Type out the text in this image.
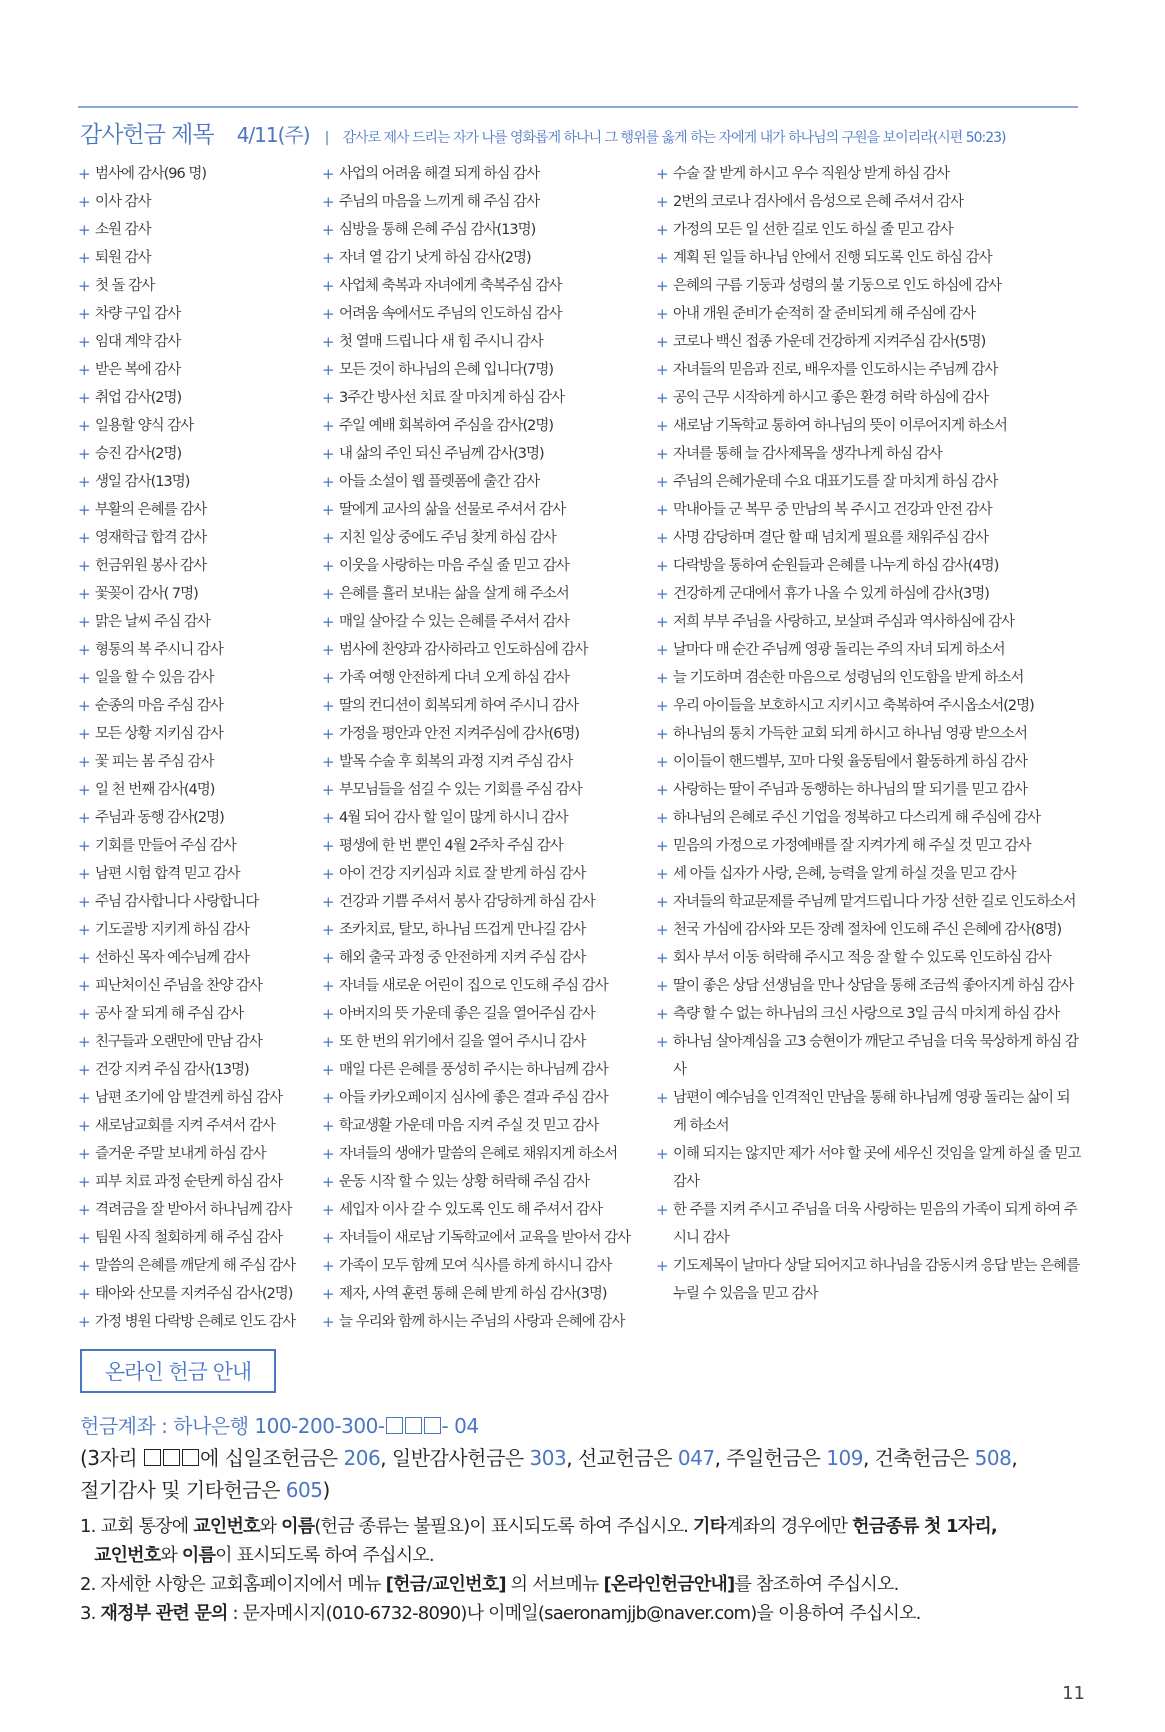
감사헌금 제목 4/11(주) | 감사로 제사 드리는 자가 나를 영화롭게 하나니 그 행위를 옳게 하는 자에게 내가 하나님의 구원을 보이리라(시편 50:23)
+ 범사에 감사(96 명)
+ 이사 감사
+ 소원 감사
+ 퇴원 감사
+ 첫 돌 감사
+ 차량 구입 감사
+ 임대 계약 감사
+ 받은 복에 감사
+ 취업 감사(2명)
+ 일용할 양식 감사
+ 승진 감사(2명)
+ 생일 감사(13명)
+ 부활의 은혜를 감사
+ 영재학급 합격 감사
+ 헌금위원 봉사 감사
+ 꽃꽂이 감사( 7명)
+ 맑은 날씨 주심 감사
+ 형통의 복 주시니 감사
+ 일을 할 수 있음 감사
+ 순종의 마음 주심 감사
+ 모든 상황 지키심 감사
+ 꽃 피는 봄 주심 감사
+ 일 천 번째 감사(4명)
+ 주님과 동행 감사(2명)
+ 기회를 만들어 주심 감사
+ 남편 시험 합격 믿고 감사
+ 주님 감사합니다 사랑합니다
+ 기도골방 지키게 하심 감사
+ 선하신 목자 예수님께 감사
+ 피난처이신 주님을 찬양 감사
+ 공사 잘 되게 해 주심 감사
+ 친구들과 오랜만에 만남 감사
+ 건강 지켜 주심 감사(13명)
+ 남편 조기에 암 발견케 하심 감사
+ 새로남교회를 지켜 주셔서 감사
+ 즐거운 주말 보내게 하심 감사
+ 피부 치료 과정 순탄케 하심 감사
+ 격려금을 잘 받아서 하나님께 감사
+ 팀원 사직 철회하게 해 주심 감사
+ 말씀의 은혜를 깨닫게 해 주심 감사
+ 태아와 산모를 지켜주심 감사(2명)
+ 가정 병원 다락방 은혜로 인도 감사
+ 사업의 어려움 해결 되게 하심 감사
+ 주님의 마음을 느끼게 해 주심 감사
+ 심방을 통해 은혜 주심 감사(13명)
+ 자녀 열 감기 낫게 하심 감사(2명)
+ 사업체 축복과 자녀에게 축복주심 감사
+ 어려움 속에서도 주님의 인도하심 감사
+ 첫 열매 드립니다 새 힘 주시니 감사
+ 모든 것이 하나님의 은혜 입니다(7명)
+ 3주간 방사선 치료 잘 마치게 하심 감사
+ 주일 예배 회복하여 주심을 감사(2명)
+ 내 삶의 주인 되신 주님께 감사(3명)
+ 아들 소설이 웹 플렛폼에 출간 감사
+ 딸에게 교사의 삶을 선물로 주셔서 감사
+ 지친 일상 중에도 주님 찾게 하심 감사
+ 이웃을 사랑하는 마음 주실 줄 믿고 감사
+ 은혜를 흘러 보내는 삶을 살게 해 주소서
+ 매일 살아갈 수 있는 은혜를 주셔서 감사
+ 범사에 찬양과 감사하라고 인도하심에 감사
+ 가족 여행 안전하게 다녀 오게 하심 감사
+ 딸의 컨디션이 회복되게 하여 주시니 감사
+ 가정을 평안과 안전 지켜주심에 감사(6명)
+ 발목 수술 후 회복의 과정 지켜 주심 감사
+ 부모님들을 섬길 수 있는 기회를 주심 감사
+ 4월 되어 감사 할 일이 많게 하시니 감사
+ 평생에 한 번 뿐인 4월 2주차 주심 감사
+ 아이 건강 지키심과 치료 잘 받게 하심 감사
+ 건강과 기쁨 주셔서 봉사 감당하게 하심 감사
+ 조카치료, 탈모, 하나님 뜨겁게 만나길 감사
+ 해외 출국 과정 중 안전하게 지켜 주심 감사
+ 자녀들 새로운 어린이 집으로 인도해 주심 감사
+ 아버지의 뜻 가운데 좋은 길을 열어주심 감사
+ 또 한 번의 위기에서 길을 열어 주시니 감사
+ 매일 다른 은혜를 풍성히 주시는 하나님께 감사
+ 아들 카카오페이지 심사에 좋은 결과 주심 감사
+ 학교생활 가운데 마음 지켜 주실 것 믿고 감사
+ 자녀들의 생애가 말씀의 은혜로 채워지게 하소서
+ 운동 시작 할 수 있는 상황 허락해 주심 감사
+ 세입자 이사 갈 수 있도록 인도 해 주셔서 감사
+ 자녀들이 새로남 기독학교에서 교육을 받아서 감사
+ 가족이 모두 함께 모여 식사를 하게 하시니 감사
+ 제자, 사역 훈련 통해 은혜 받게 하심 감사(3명)
+ 늘 우리와 함께 하시는 주님의 사랑과 은혜에 감사
+ 수술 잘 받게 하시고 우수 직원상 받게 하심 감사
+ 2번의 코로나 검사에서 음성으로 은혜 주셔서 감사
+ 가정의 모든 일 선한 길로 인도 하실 줄 믿고 감사
+ 계획 된 일들 하나님 안에서 진행 되도록 인도 하심 감사
+ 은혜의 구름 기둥과 성령의 불 기둥으로 인도 하심에 감사
+ 아내 개원 준비가 순적히 잘 준비되게 해 주심에 감사
+ 코로나 백신 접종 가운데 건강하게 지켜주심 감사(5명)
+ 자녀들의 믿음과 진로, 배우자를 인도하시는 주님께 감사
+ 공익 근무 시작하게 하시고 좋은 환경 허락 하심에 감사
+ 새로남 기독학교 통하여 하나님의 뜻이 이루어지게 하소서
+ 자녀를 통해 늘 감사제목을 생각나게 하심 감사
+ 주님의 은혜가운데 수요 대표기도를 잘 마치게 하심 감사
+ 막내아들 군 복무 중 만남의 복 주시고 건강과 안전 감사
+ 사명 감당하며 결단 할 때 넘치게 필요를 채워주심 감사
+ 다락방을 통하여 순원들과 은혜를 나누게 하심 감사(4명)
+ 건강하게 군대에서 휴가 나올 수 있게 하심에 감사(3명)
+ 저희 부부 주님을 사랑하고, 보살펴 주심과 역사하심에 감사
+ 날마다 매 순간 주님께 영광 돌리는 주의 자녀 되게 하소서
+ 늘 기도하며 겸손한 마음으로 성령님의 인도함을 받게 하소서
+ 우리 아이들을 보호하시고 지키시고 축복하여 주시옵소서(2명)
+ 하나님의 통치 가득한 교회 되게 하시고 하나님 영광 받으소서
+ 이이들이 핸드벨부, 꼬마 다윗 율동팀에서 활동하게 하심 감사
+ 사랑하는 딸이 주님과 동행하는 하나님의 딸 되기를 믿고 감사
+ 하나님의 은혜로 주신 기업을 정복하고 다스리게 해 주심에 감사
+ 믿음의 가정으로 가정예배를 잘 지켜가게 해 주실 것 믿고 감사
+ 세 아들 십자가 사랑, 은혜, 능력을 알게 하실 것을 믿고 감사
+ 자녀들의 학교문제를 주님께 맡겨드립니다 가장 선한 길로 인도하소서
+ 천국 가심에 감사와 모든 장례 절차에 인도해 주신 은혜에 감사(8명)
+ 회사 부서 이동 허락해 주시고 적응 잘 할 수 있도록 인도하심 감사
+ 딸이 좋은 상담 선생님을 만나 상담을 통해 조금씩 좋아지게 하심 감사
+ 측량 할 수 없는 하나님의 크신 사랑으로 3일 금식 마치게 하심 감사
+ 하나님 살아계심을 고3 승현이가 깨닫고 주님을 더욱 묵상하게 하심 감사
+ 남편이 예수님을 인격적인 만남을 통해 하나님께 영광 돌리는 삶이 되게 하소서
+ 이해 되지는 않지만 제가 서야 할 곳에 세우신 것임을 알게 하실 줄 믿고 감사
+ 한 주를 지켜 주시고 주님을 더욱 사랑하는 믿음의 가족이 되게 하여 주시니 감사
+ 기도제목이 날마다 상달 되어지고 하나님을 감동시켜 응답 받는 은혜를 누릴 수 있음을 믿고 감사
온라인 헌금 안내
헌금계좌 : 하나은행 100-200-300-	- 04
(3자리	에 십일조헌금은 206, 일반감사헌금은 303, 선교헌금은 047, 주일헌금은 109, 건축헌금은 508,
절기감사 및 기타헌금은 605)
1. 교회 통장에 교인번호와 이름(헌금 종류는 불필요)이 표시되도록 하여 주십시오. 기타계좌의 경우에만 헌금종류 첫 1자리,
교인번호와 이름이 표시되도록 하여 주십시오.
2. 자세한 사항은 교회홈페이지에서 메뉴 [헌금/교인번호] 의 서브메뉴 [온라인헌금안내]를 참조하여 주십시오.
3. 재정부 관련 문의 : 문자메시지(010-6732-8090)나 이메일(saeronamjjb@naver.com)을 이용하여 주십시오.
11
